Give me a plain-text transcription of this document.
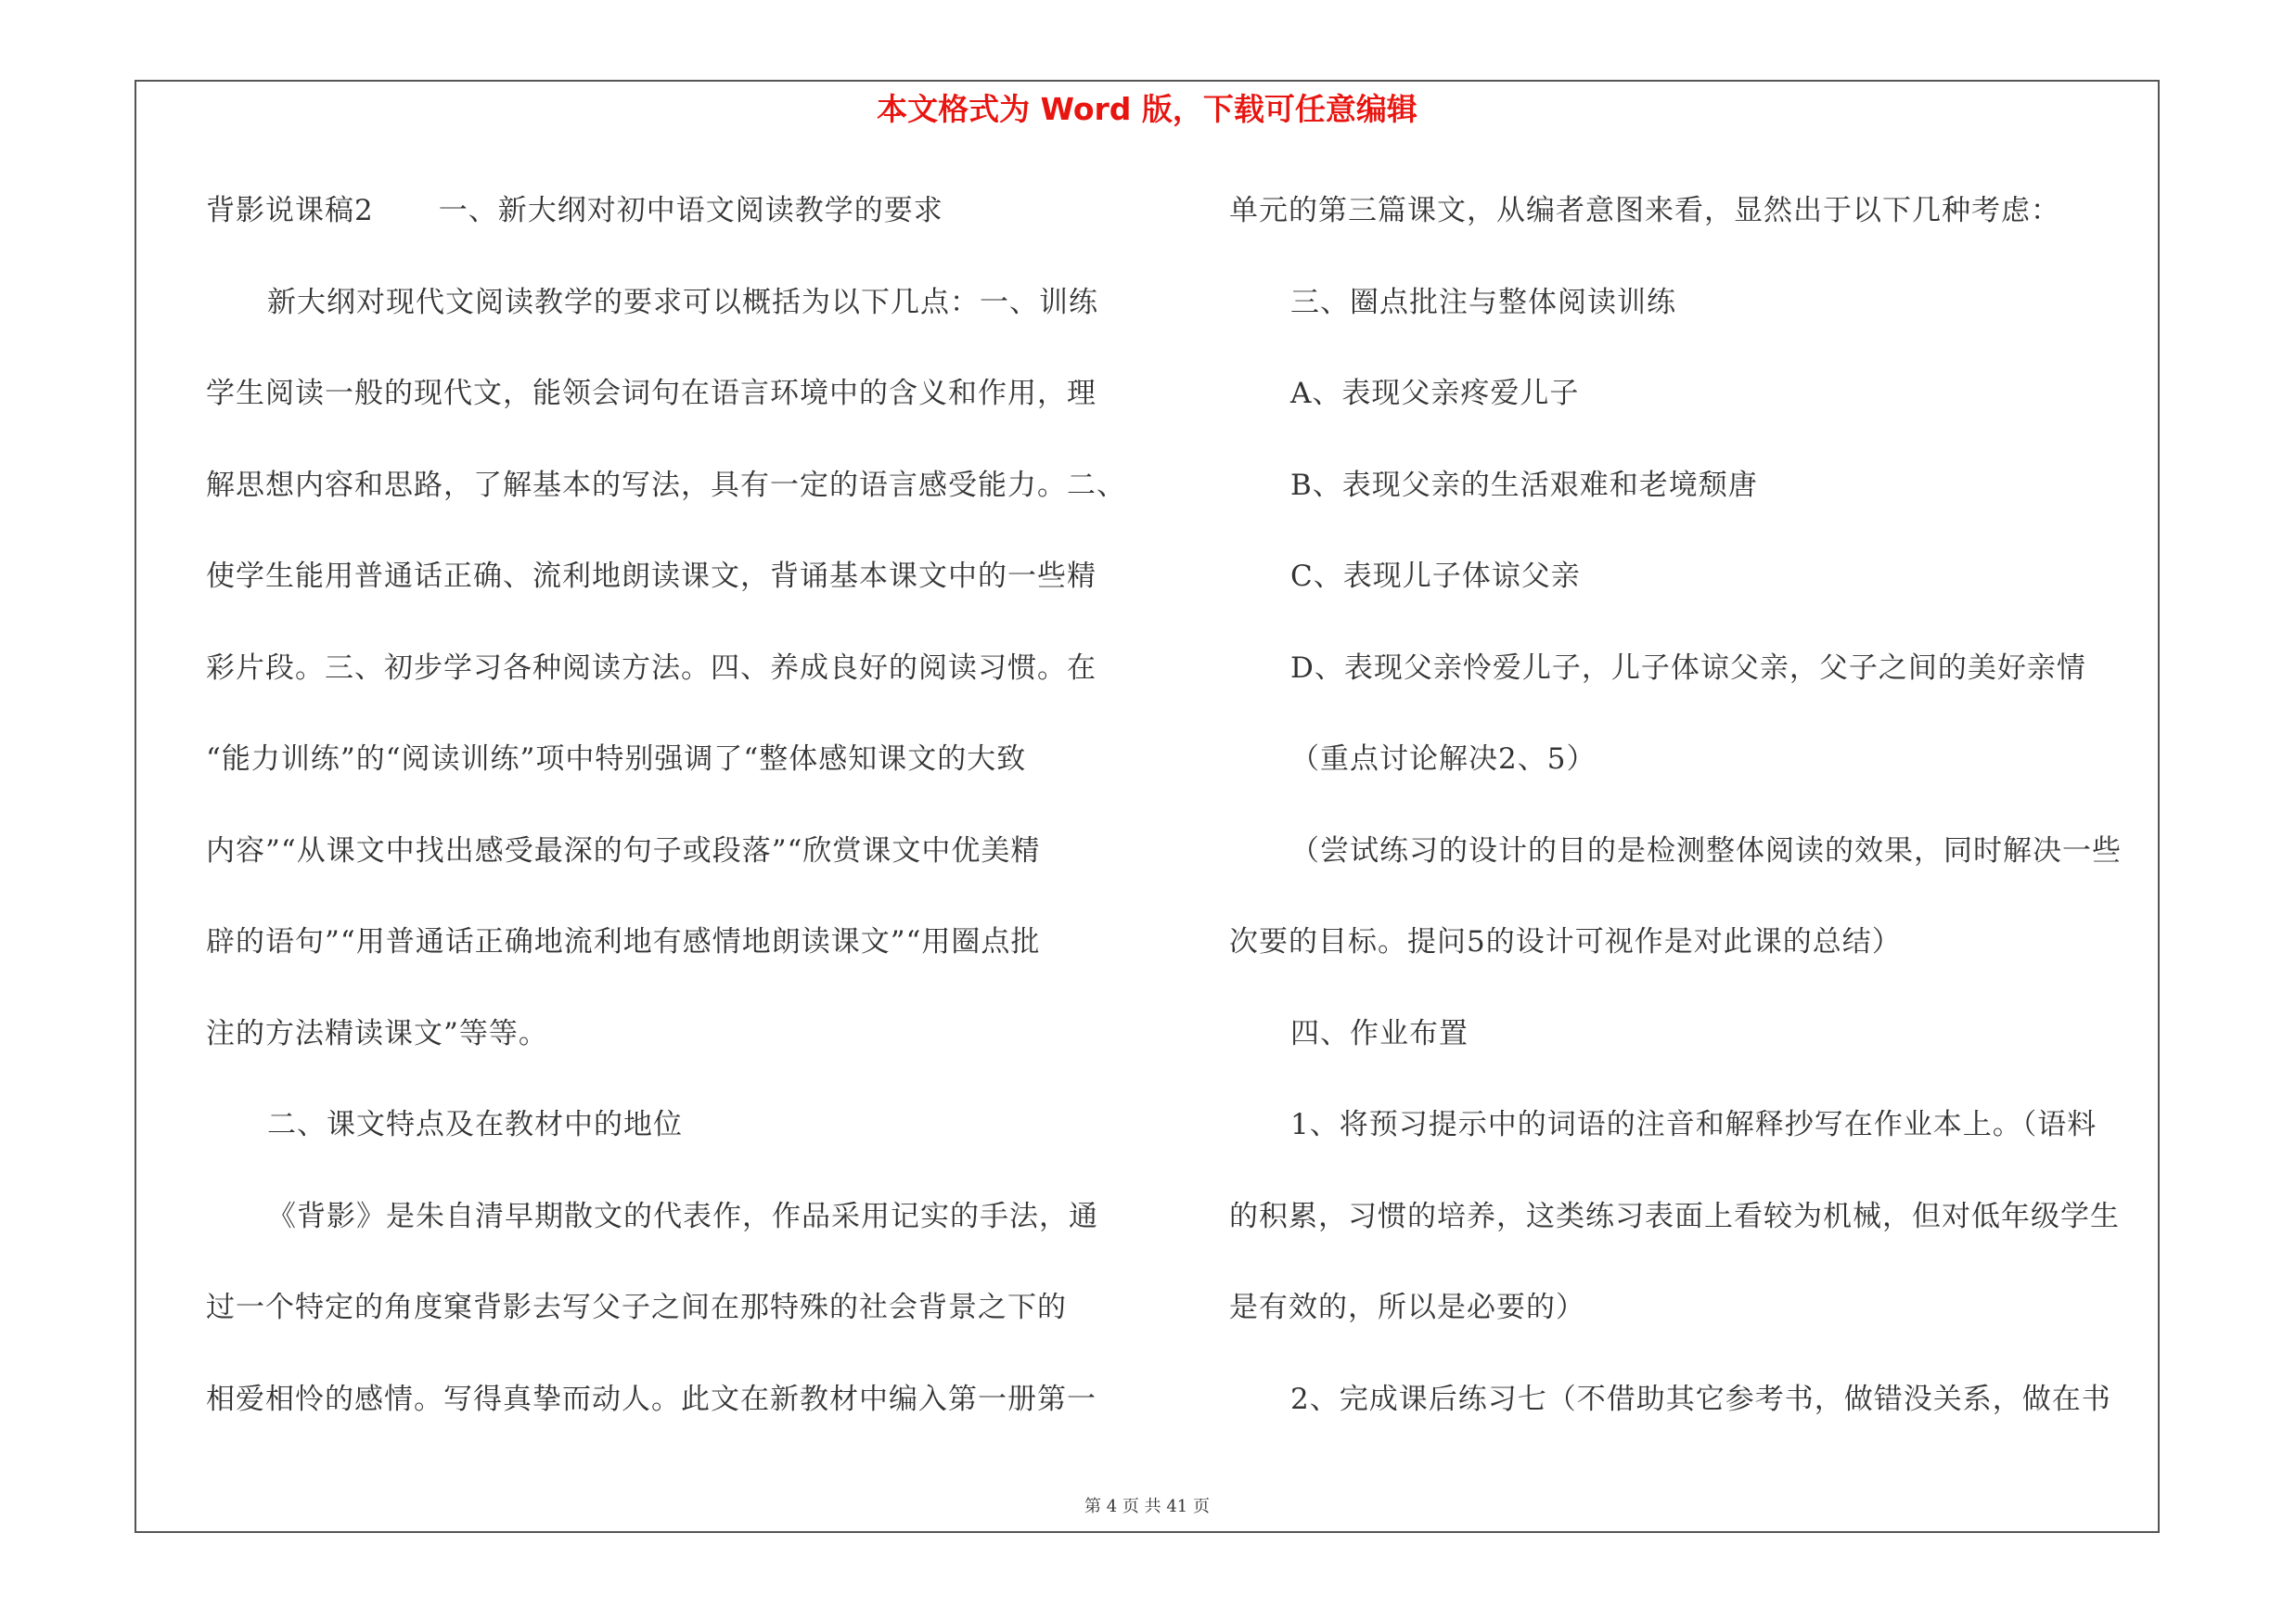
本文格式为 Word 版，下载可任意编辑
背影说课稿2 一、新大纲对初中语文阅读教学的要求
新大纲对现代文阅读教学的要求可以概括为以下几点：一、训练
学生阅读一般的现代文，能领会词句在语言环境中的含义和作用，理
解思想内容和思路，了解基本的写法，具有一定的语言感受能力。二、
使学生能用普通话正确、流利地朗读课文，背诵基本课文中的一些精
彩片段。三、初步学习各种阅读方法。四、养成良好的阅读习惯。在
“能力训练”的“阅读训练”项中特别强调了“整体感知课文的大致
内容”“从课文中找出感受最深的句子或段落”“欣赏课文中优美精
辟的语句”“用普通话正确地流利地有感情地朗读课文”“用圈点批
注的方法精读课文”等等。
二、课文特点及在教材中的地位
《背影》是朱自清早期散文的代表作，作品采用记实的手法，通
过一个特定的角度窠背影去写父子之间在那特殊的社会背景之下的
相爱相怜的感情。写得真挚而动人。此文在新教材中编入第一册第一
单元的第三篇课文，从编者意图来看，显然出于以下几种考虑：
三、圈点批注与整体阅读训练
A、表现父亲疼爱儿子
B、表现父亲的生活艰难和老境颓唐
C、表现儿子体谅父亲
D、表现父亲怜爱儿子，儿子体谅父亲，父子之间的美好亲情
（重点讨论解决2、5）
（尝试练习的设计的目的是检测整体阅读的效果，同时解决一些
次要的目标。提问5的设计可视作是对此课的总结）
四、作业布置
1、将预习提示中的词语的注音和解释抄写在作业本上。（语料
的积累，习惯的培养，这类练习表面上看较为机械，但对低年级学生
是有效的，所以是必要的）
2、完成课后练习七（不借助其它参考书，做错没关系，做在书
第 4 页 共 41 页
